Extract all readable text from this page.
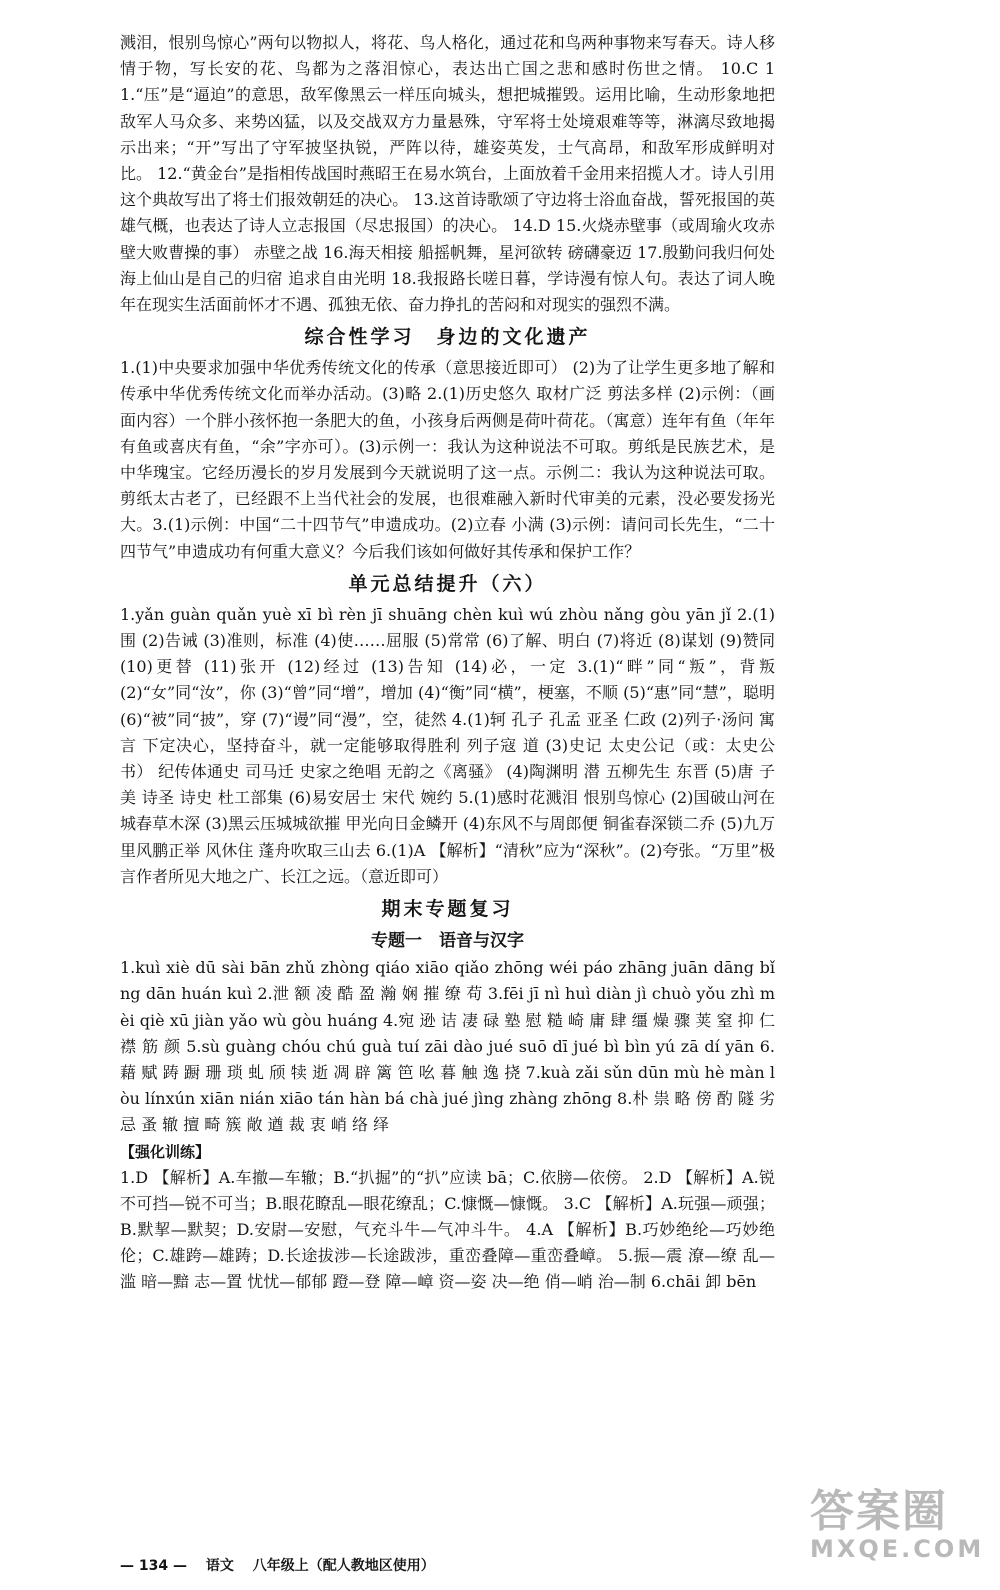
溅泪，恨别鸟惊心”两句以物拟人，将花、鸟人格化，通过花和鸟两种事物来写春天。诗人移情于物，写长安的花、鸟都为之落泪惊心，表达出亡国之悲和感时伤世之情。 10.C 11.“压”是“逼迫”的意思，敌军像黑云一样压向城头，想把城摧毁。运用比喻，生动形象地把敌军人马众多、来势凶猛，以及交战双方力量悬殊，守军将士处境艰难等等，淋漓尽致地揭示出来；“开”写出了守军披坚执锐，严阵以待，雄姿英发，士气高昂，和敌军形成鲜明对比。 12.“黄金台”是指相传战国时燕昭王在易水筑台，上面放着千金用来招揽人才。诗人引用这个典故写出了将士们报效朝廷的决心。 13.这首诗歌颂了守边将士浴血奋战，誓死报国的英雄气概，也表达了诗人立志报国（尽忠报国）的决心。 14.D 15.火烧赤壁事（或周瑜火攻赤壁大败曹操的事） 赤壁之战 16.海天相接 船摇帆舞，星河欲转 磅礴豪迈 17.殷勤问我归何处 海上仙山是自己的归宿 追求自由光明 18.我报路长嗟日暮，学诗漫有惊人句。表达了词人晚年在现实生活面前怀才不遇、孤独无依、奋力挣扎的苦闷和对现实的强烈不满。

综合性学习　身边的文化遗产

1.(1)中央要求加强中华优秀传统文化的传承（意思接近即可） (2)为了让学生更多地了解和传承中华优秀传统文化而举办活动。(3)略 2.(1)历史悠久 取材广泛 剪法多样 (2)示例：（画面内容）一个胖小孩怀抱一条肥大的鱼，小孩身后两侧是荷叶荷花。（寓意）连年有鱼（年年有鱼或喜庆有鱼，“余”字亦可）。(3)示例一：我认为这种说法不可取。剪纸是民族艺术，是中华瑰宝。它经历漫长的岁月发展到今天就说明了这一点。示例二：我认为这种说法可取。剪纸太古老了，已经跟不上当代社会的发展，也很难融入新时代审美的元素，没必要发扬光大。3.(1)示例：中国“二十四节气”申遗成功。(2)立春 小满 (3)示例：请问司长先生，“二十四节气”申遗成功有何重大意义？今后我们该如何做好其传承和保护工作？

单元总结提升（六）

1.yǎn guàn quǎn yuè xī bì rèn jī shuāng chèn kuì wú zhòu nǎng gòu yān jǐ 2.(1)围 (2)告诫 (3)准则，标准 (4)使……屈服 (5)常常 (6)了解、明白 (7)将近 (8)谋划 (9)赞同 (10)更替 (11)张开 (12)经过 (13)告知 (14)必，一定 3.(1)“畔”同“叛”，背叛 (2)“女”同“汝”，你 (3)“曾”同“增”，增加 (4)“衡”同“横”，梗塞，不顺 (5)“惠”同“慧”，聪明 (6)“被”同“披”，穿 (7)“谩”同“漫”，空，徒然 4.(1)轲 孔子 孔孟 亚圣 仁政 (2)列子·汤问 寓言 下定决心，坚持奋斗，就一定能够取得胜利 列子寇 道 (3)史记 太史公记（或：太史公书） 纪传体通史 司马迁 史家之绝唱 无韵之《离骚》 (4)陶渊明 潜 五柳先生 东晋 (5)唐 子美 诗圣 诗史 杜工部集 (6)易安居士 宋代 婉约 5.(1)感时花溅泪 恨别鸟惊心 (2)国破山河在 城春草木深 (3)黑云压城城欲摧 甲光向日金鳞开 (4)东风不与周郎便 铜雀春深锁二乔 (5)九万里风鹏正举 风休住 蓬舟吹取三山去 6.(1)A 【解析】“清秋”应为“深秋”。(2)夸张。“万里”极言作者所见大地之广、长江之远。（意近即可）

期末专题复习
专题一　语音与汉字

1.kuì xiè dū sài bān zhǔ zhòng qiáo xiāo qiǎo zhōng wéi páo zhāng juān dāng bǐng dān huán kuì 2.泄 额 凌 酷 盈 瀚 娴 摧 缭 苟 3.fēi jī nì huì diàn jì chuò yǒu zhì mèi qiè xū jiàn yǎo wù gòu huáng 4.宛 逊 诘 凄 碌 塾 慰 糙 崎 庸 肆 缰 燥 骤 荚 窒 抑 仁 襟 筋 颜 5.sù guàng chóu chú guà tuí zāi dào jué suō dī jué bì bìn yú zā dí yān 6.藉 赋 踌 蹰 珊 琐 虬 颀 犊 逝 凋 辟 篱 笆 吆 暮 触 逸 挠 7.kuà zǎi sǔn dūn mù hè màn lòu línxún xiān nián xiāo tán hàn bá chà jué jìng zhàng zhōng 8.朴 祟 略 傍 酌 隧 劣 忌 蚤 辙 擅 畸 簇 敞 遒 裁 衷 峭 络 绎

【强化训练】

1.D 【解析】A.车撤—车辙；B.“扒掘”的“扒”应读 bā；C.依膀—依傍。 2.D 【解析】A.锐不可挡—锐不可当；B.眼花瞭乱—眼花缭乱；C.慷慨—慷慨。 3.C 【解析】A.玩强—顽强；B.默挈—默契；D.安尉—安慰，气充斗牛—气冲斗牛。 4.A 【解析】B.巧妙绝纶—巧妙绝伦；C.雄跨—雄踌；D.长途拔涉—长途跋涉，重峦叠障—重峦叠嶂。 5.振—震 潦—缭 乱—滥 暗—黯 志—置 忧忧—郁郁 蹬—登 障—嶂 资—姿 决—绝 俏—峭 治—制 6.chāi 卸 bēn

— 134 — 语文 八年级上（配人教地区使用）
答案圈
MXQE.COM
